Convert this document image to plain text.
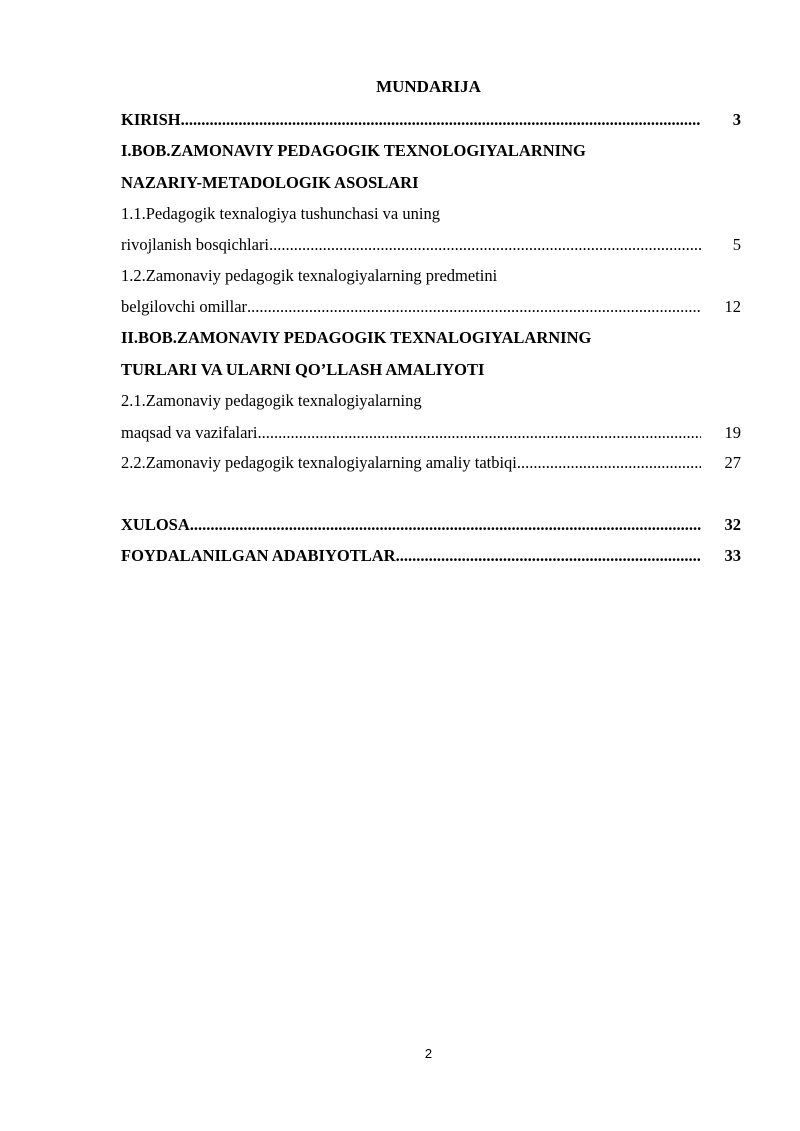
MUNDARIJA
KIRISH .....	3
I.BOB.ZAMONAVIY PEDAGOGIK TEXNOLOGIYALARNING
NAZARIY-METADOLOGIK ASOSLARI
1.1.Pedagogik texnalogiya tushunchasi va uning
rivojlanish bosqichlari .....	5
1.2.Zamonaviy pedagogik texnalogiyalarning predmetini
belgilovchi omillar .....	12
II.BOB.ZAMONAVIY PEDAGOGIK TEXNALOGIYALARNING
TURLARI VA ULARNI QO’LLASH AMALIYOTI
2.1.Zamonaviy pedagogik texnalogiyalarning
maqsad va vazifalari .....	19
2.2.Zamonaviy pedagogik texnalogiyalarning amaliy tatbiqi .....	27
XULOSA .....	32
FOYDALANILGAN ADABIYOTLAR .....	33
2
